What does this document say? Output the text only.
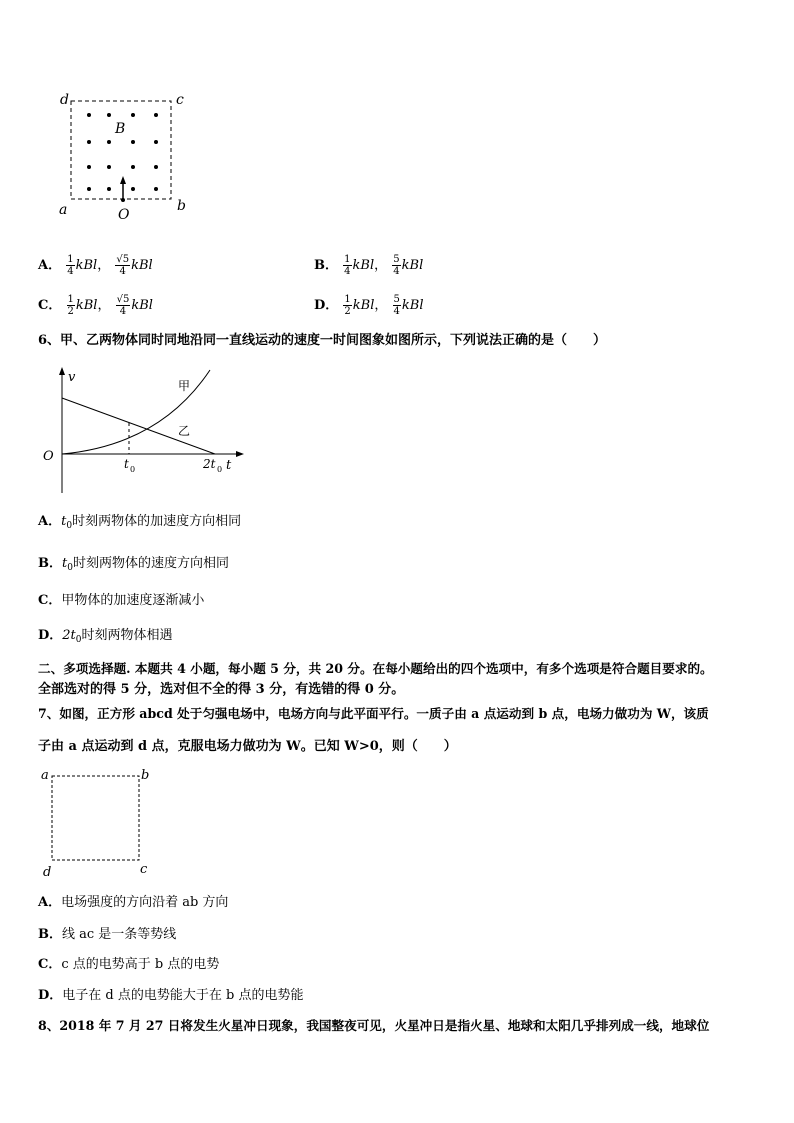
d	c
a	b
B
O
A． $\frac{1}{4}$ kBl， $\frac{√5}{4}$ kBl	B． $\frac{1}{4}$ kBl， $\frac{5}{4}$ kBl
C． $\frac{1}{2}$ kBl， $\frac{√5}{4}$ kBl	D． $\frac{1}{2}$ kBl， $\frac{5}{4}$ kBl
6、甲、乙两物体同时同地沿同一直线运动的速度一时间图象如图所示，下列说法正确的是（　　）
v
t
O
甲
乙
t 0	2t 0
A．$t_0$时刻两物体的加速度方向相同
B．$t_0$时刻两物体的速度方向相同
C．甲物体的加速度逐渐减小
D．$2t_0$时刻两物体相遇
二、多项选择题. 本题共 4 小题，每小题 5 分，共 20 分。在每小题给出的四个选项中，有多个选项是符合题目要求的。
全部选对的得 5 分，选对但不全的得 3 分，有选错的得 0 分。
7、如图，正方形 abcd 处于匀强电场中，电场方向与此平面平行。一质子由 a 点运动到 b 点，电场力做功为 W，该质
子由 a 点运动到 d 点，克服电场力做功为 W。已知 W>0，则（　　）
a	b
c
d
A．电场强度的方向沿着 ab 方向
B．线 ac 是一条等势线
C．c 点的电势高于 b 点的电势
D．电子在 d 点的电势能大于在 b 点的电势能
8、2018 年 7 月 27 日将发生火星冲日现象，我国整夜可见，火星冲日是指火星、地球和太阳几乎排列成一线，地球位
